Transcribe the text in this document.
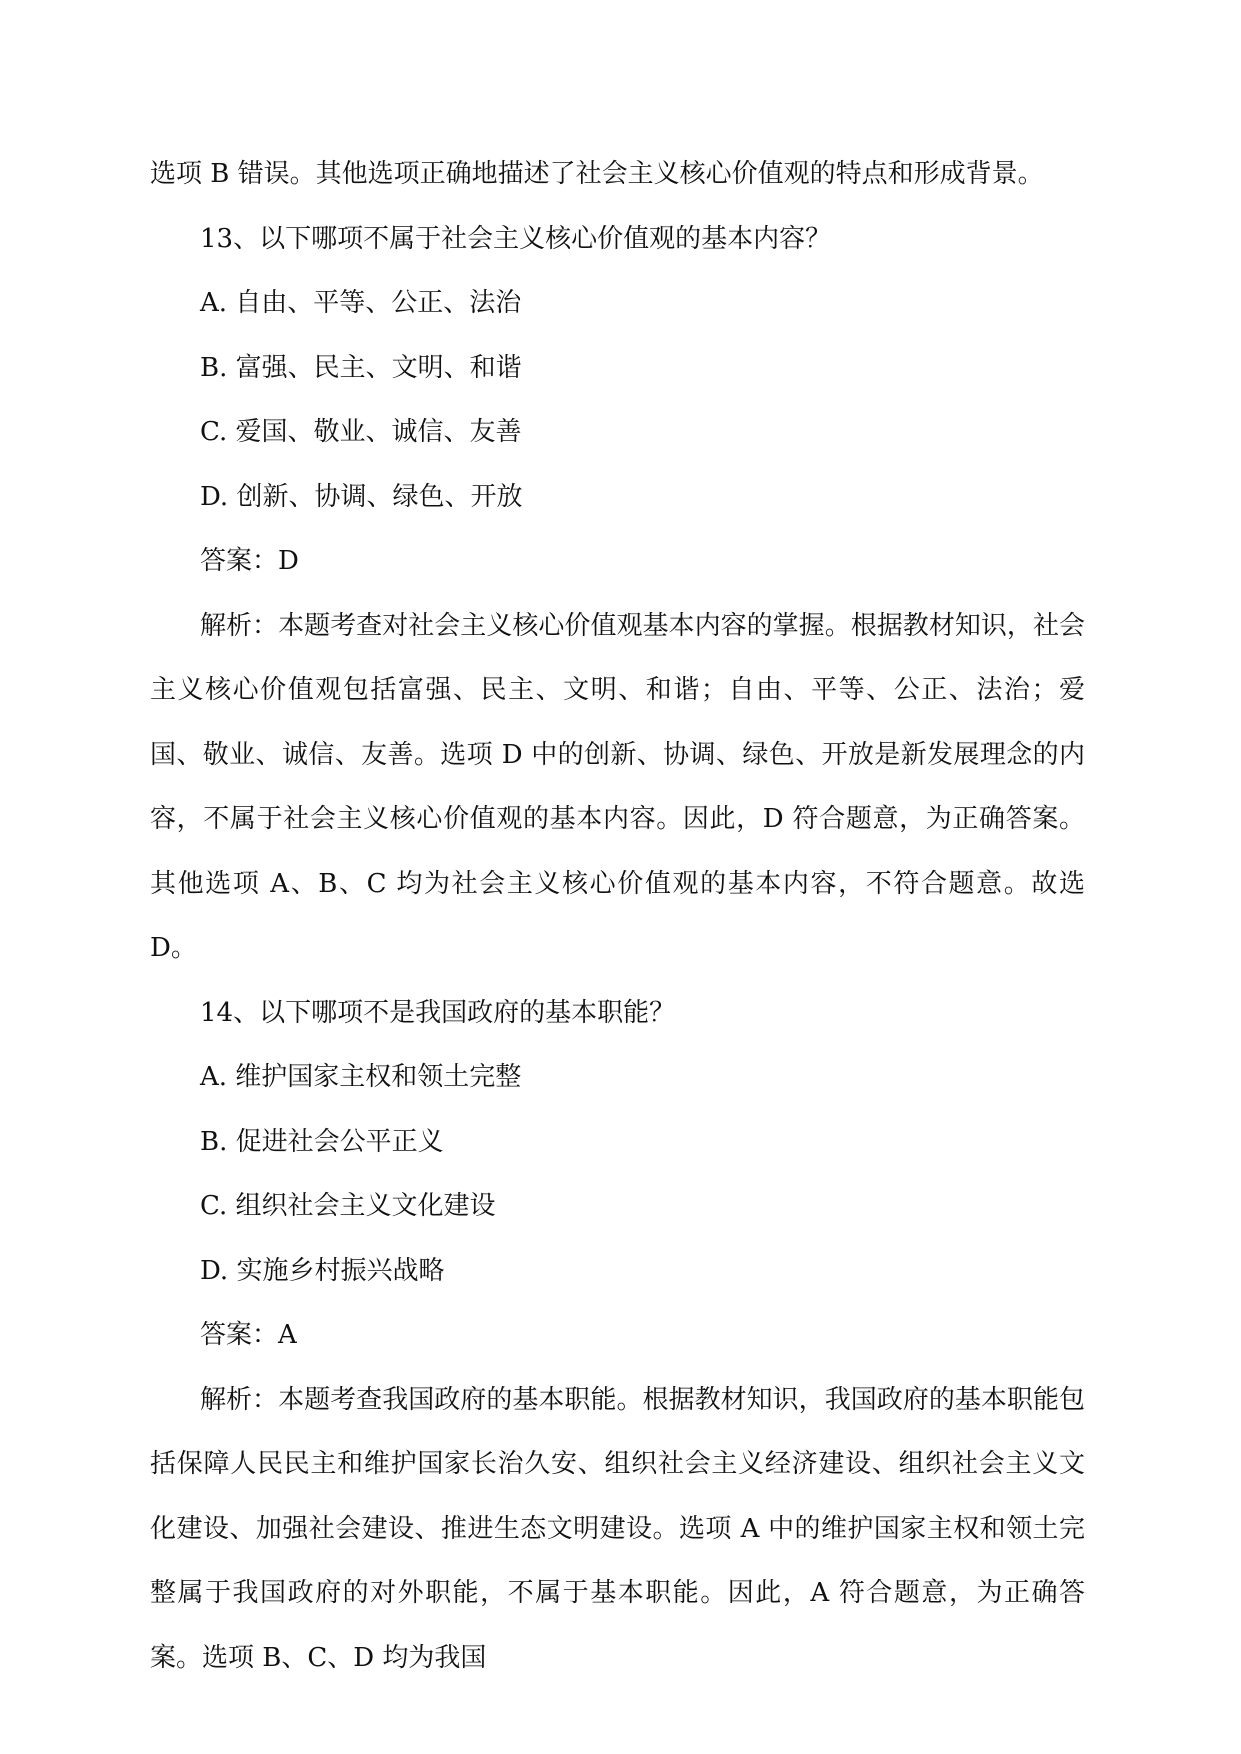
选项 B 错误。其他选项正确地描述了社会主义核心价值观的特点和形成背景。

13、以下哪项不属于社会主义核心价值观的基本内容？

A. 自由、平等、公正、法治

B. 富强、民主、文明、和谐

C. 爱国、敬业、诚信、友善

D. 创新、协调、绿色、开放

答案：D

解析：本题考查对社会主义核心价值观基本内容的掌握。根据教材知识，社会主义核心价值观包括富强、民主、文明、和谐；自由、平等、公正、法治；爱国、敬业、诚信、友善。选项 D 中的创新、协调、绿色、开放是新发展理念的内容，不属于社会主义核心价值观的基本内容。因此，D 符合题意，为正确答案。其他选项 A、B、C 均为社会主义核心价值观的基本内容，不符合题意。故选 D。

14、以下哪项不是我国政府的基本职能？

A. 维护国家主权和领土完整

B. 促进社会公平正义

C. 组织社会主义文化建设

D. 实施乡村振兴战略

答案：A

解析：本题考查我国政府的基本职能。根据教材知识，我国政府的基本职能包括保障人民民主和维护国家长治久安、组织社会主义经济建设、组织社会主义文化建设、加强社会建设、推进生态文明建设。选项 A 中的维护国家主权和领土完整属于我国政府的对外职能，不属于基本职能。因此，A 符合题意，为正确答案。选项 B、C、D 均为我国
